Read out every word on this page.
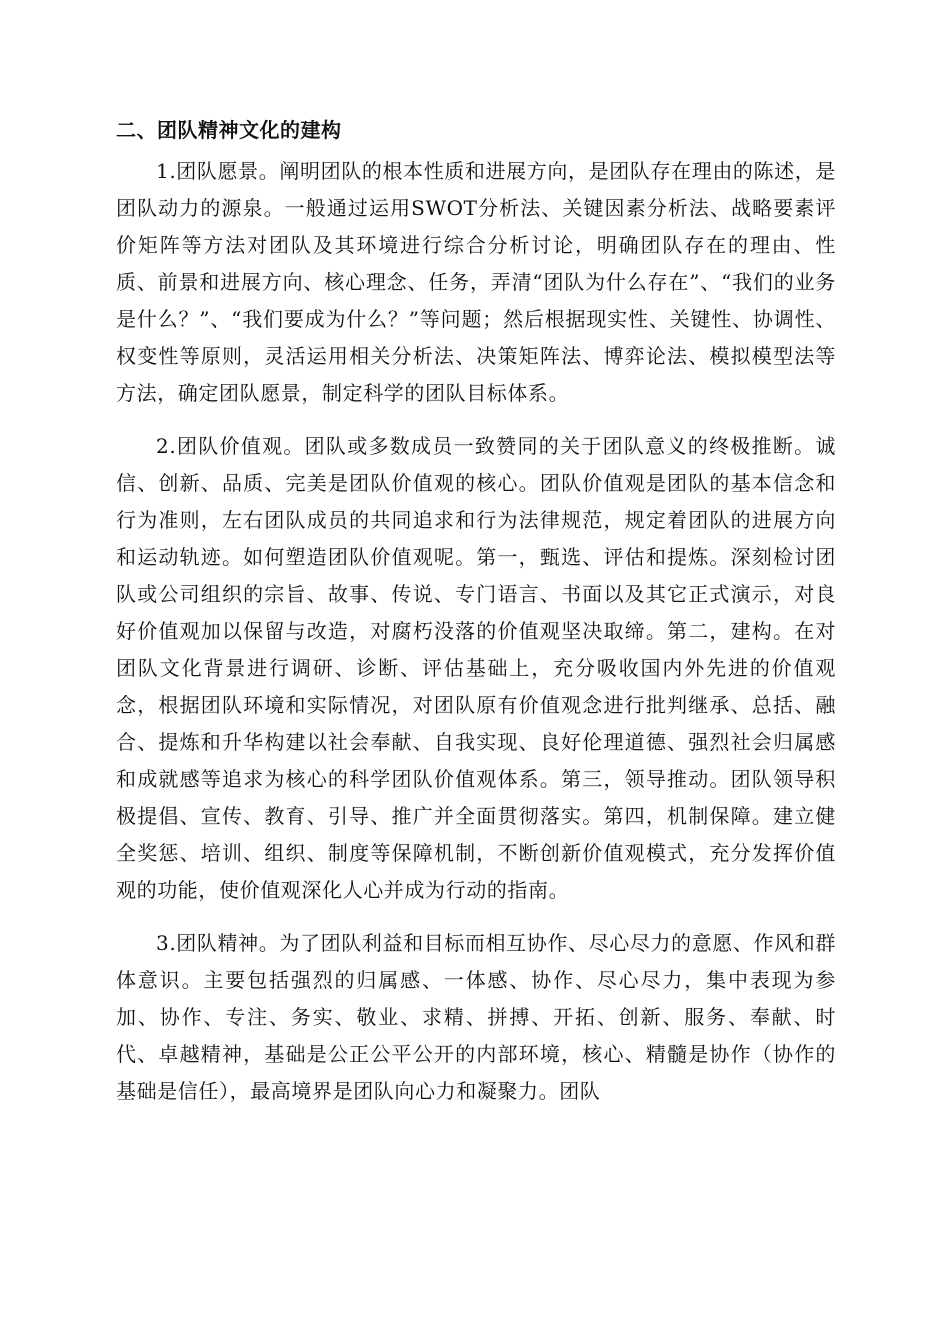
二、团队精神文化的建构

1.团队愿景。阐明团队的根本性质和进展方向，是团队存在理由的陈述，是团队动力的源泉。一般通过运用SWOT分析法、关键因素分析法、战略要素评价矩阵等方法对团队及其环境进行综合分析讨论，明确团队存在的理由、性质、前景和进展方向、核心理念、任务，弄清“团队为什么存在”、“我们的业务是什么？”、“我们要成为什么？”等问题；然后根据现实性、关键性、协调性、权变性等原则，灵活运用相关分析法、决策矩阵法、博弈论法、模拟模型法等方法，确定团队愿景，制定科学的团队目标体系。

2.团队价值观。团队或多数成员一致赞同的关于团队意义的终极推断。诚信、创新、品质、完美是团队价值观的核心。团队价值观是团队的基本信念和行为准则，左右团队成员的共同追求和行为法律规范，规定着团队的进展方向和运动轨迹。如何塑造团队价值观呢。第一，甄选、评估和提炼。深刻检讨团队或公司组织的宗旨、故事、传说、专门语言、书面以及其它正式演示，对良好价值观加以保留与改造，对腐朽没落的价值观坚决取缔。第二，建构。在对团队文化背景进行调研、诊断、评估基础上，充分吸收国内外先进的价值观念，根据团队环境和实际情况，对团队原有价值观念进行批判继承、总括、融合、提炼和升华构建以社会奉献、自我实现、良好伦理道德、强烈社会归属感和成就感等追求为核心的科学团队价值观体系。第三，领导推动。团队领导积极提倡、宣传、教育、引导、推广并全面贯彻落实。第四，机制保障。建立健全奖惩、培训、组织、制度等保障机制，不断创新价值观模式，充分发挥价值观的功能，使价值观深化人心并成为行动的指南。

3.团队精神。为了团队利益和目标而相互协作、尽心尽力的意愿、作风和群体意识。主要包括强烈的归属感、一体感、协作、尽心尽力，集中表现为参加、协作、专注、务实、敬业、求精、拼搏、开拓、创新、服务、奉献、时代、卓越精神，基础是公正公平公开的内部环境，核心、精髓是协作（协作的基础是信任），最高境界是团队向心力和凝聚力。团队
